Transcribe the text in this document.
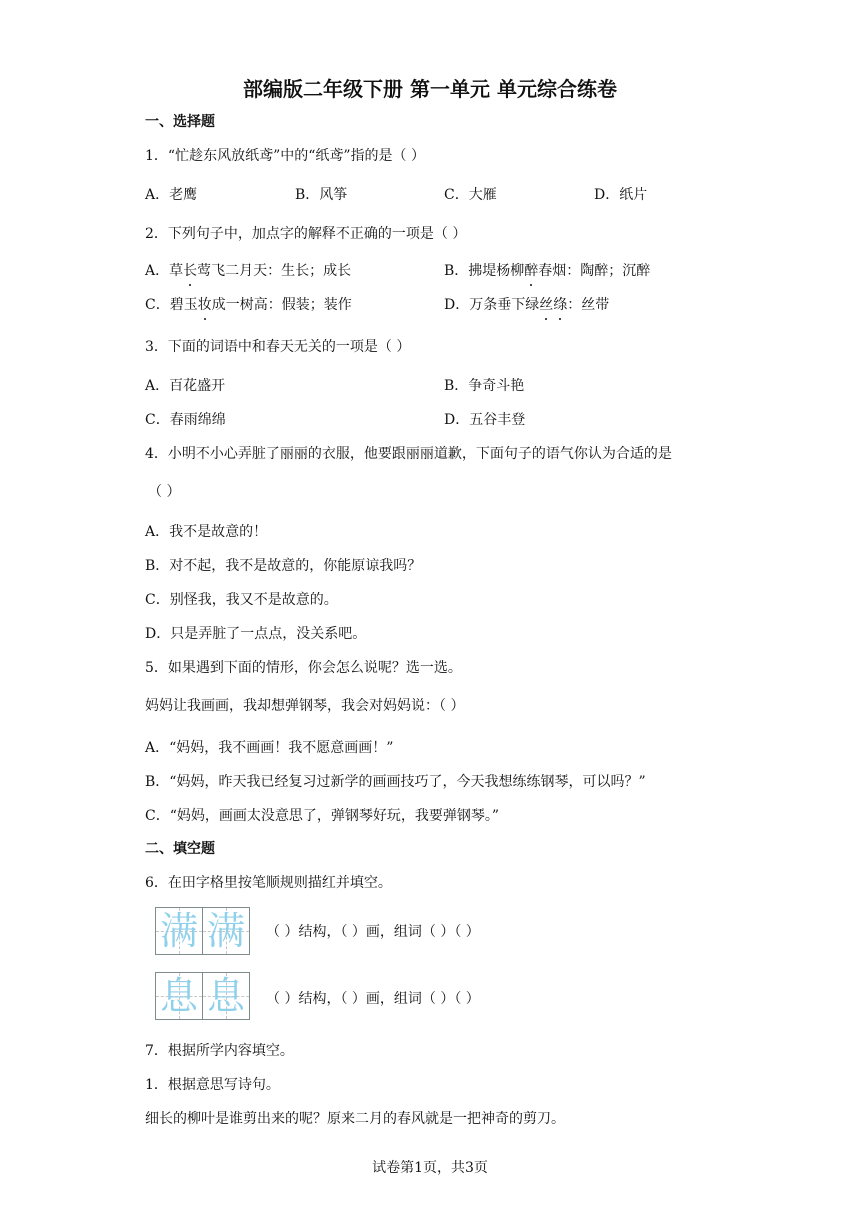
部编版二年级下册 第一单元 单元综合练卷
一、选择题
1．“忙趁东风放纸鸢”中的“纸鸢”指的是（ ）
A．老鹰	B．风筝	C．大雁	D．纸片
2．下列句子中，加点字的解释不正确的一项是（ ）
A．草长莺飞二月天：生长；成长	B．拂堤杨柳醉春烟：陶醉；沉醉
C．碧玉妆成一树高：假装；装作	D．万条垂下绿丝绦：丝带
3．下面的词语中和春天无关的一项是（ ）
A．百花盛开	B．争奇斗艳
C．春雨绵绵	D．五谷丰登
4．小明不小心弄脏了丽丽的衣服，他要跟丽丽道歉，下面句子的语气你认为合适的是
（ ）
A．我不是故意的！
B．对不起，我不是故意的，你能原谅我吗？
C．别怪我，我又不是故意的。
D．只是弄脏了一点点，没关系吧。
5．如果遇到下面的情形，你会怎么说呢？选一选。
妈妈让我画画，我却想弹钢琴，我会对妈妈说：（ ）
A．“妈妈，我不画画！我不愿意画画！”
B．“妈妈，昨天我已经复习过新学的画画技巧了，今天我想练练钢琴，可以吗？”
C．“妈妈，画画太没意思了，弹钢琴好玩，我要弹钢琴。”
二、填空题
6．在田字格里按笔顺规则描红并填空。
满 满 （ ）结构，（ ）画，组词（ ）（ ）
息 息 （ ）结构，（ ）画，组词（ ）（ ）
7．根据所学内容填空。
1．根据意思写诗句。
细长的柳叶是谁剪出来的呢？原来二月的春风就是一把神奇的剪刀。
试卷第1页，共3页
